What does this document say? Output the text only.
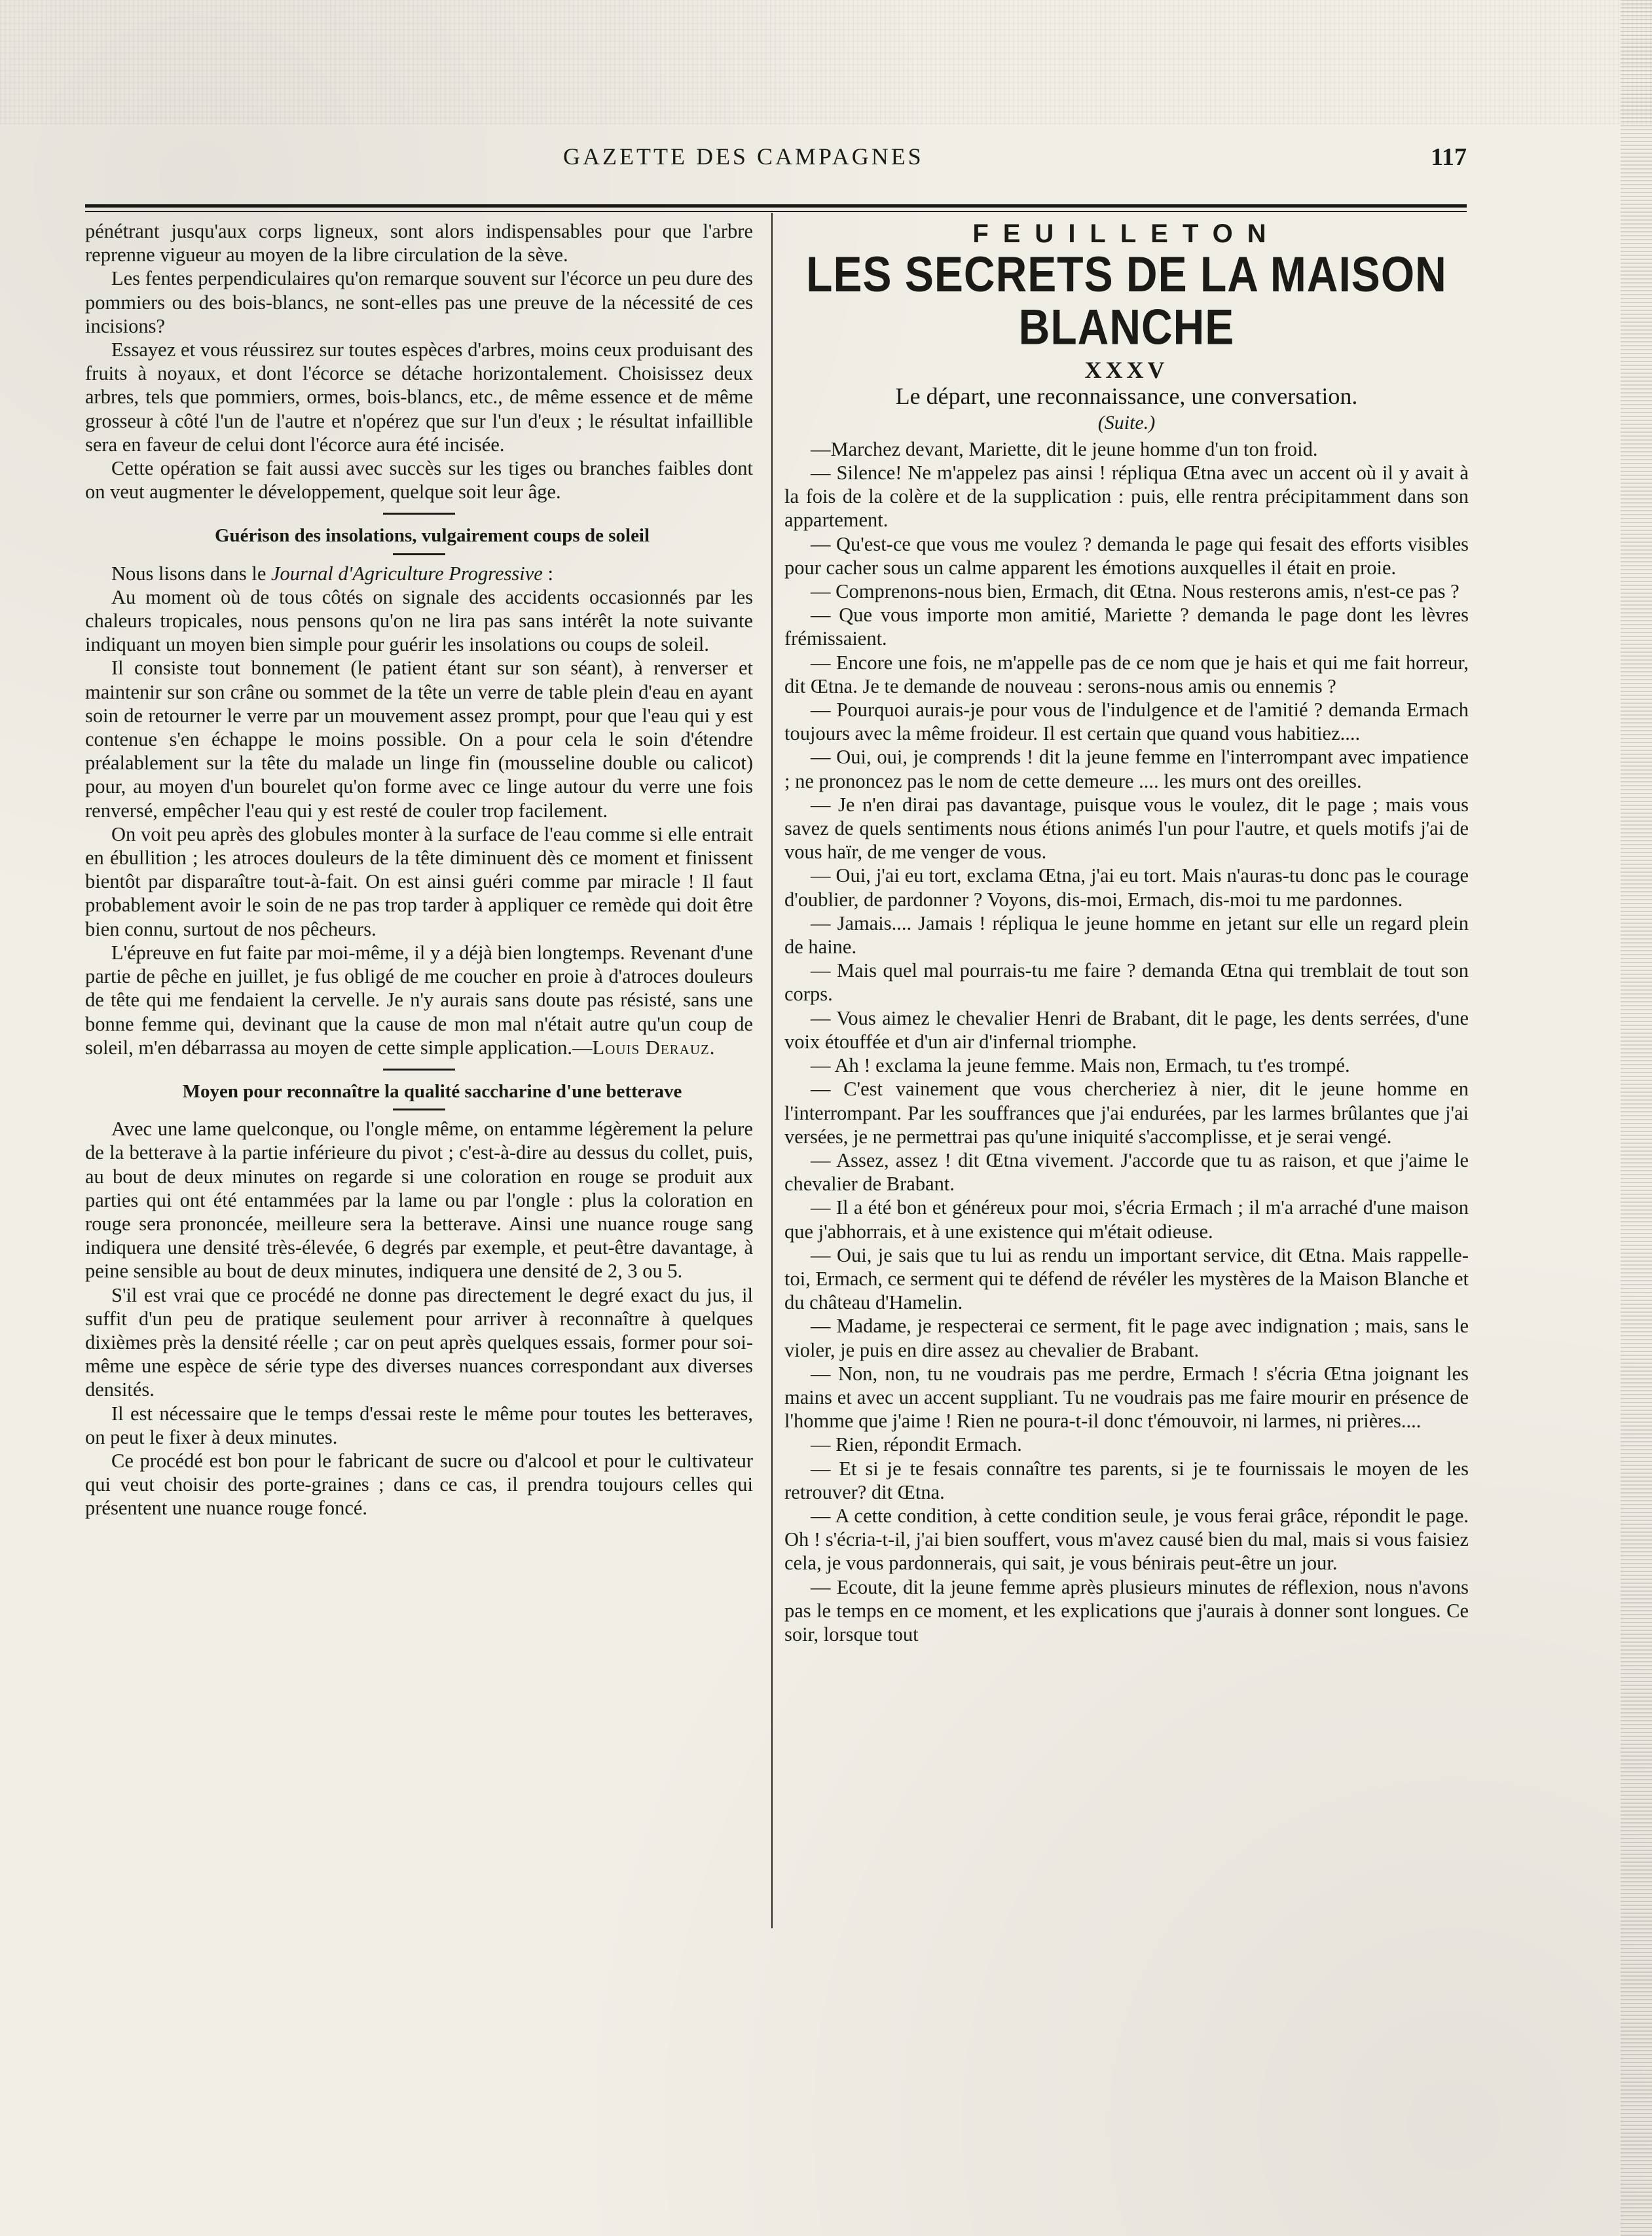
GAZETTE DES CAMPAGNES	117

pénétrant jusqu'aux corps ligneux, sont alors indispensables pour que l'arbre reprenne vigueur au moyen de la libre circulation de la sève.

Les fentes perpendiculaires qu'on remarque souvent sur l'écorce un peu dure des pommiers ou des bois-blancs, ne sont-elles pas une preuve de la nécessité de ces incisions?

Essayez et vous réussirez sur toutes espèces d'arbres, moins ceux produisant des fruits à noyaux, et dont l'écorce se détache horizontalement. Choisissez deux arbres, tels que pommiers, ormes, bois-blancs, etc., de même essence et de même grosseur à côté l'un de l'autre et n'opérez que sur l'un d'eux ; le résultat infaillible sera en faveur de celui dont l'écorce aura été incisée.

Cette opération se fait aussi avec succès sur les tiges ou branches faibles dont on veut augmenter le développement, quelque soit leur âge.

Guérison des insolations, vulgairement coups de soleil

Nous lisons dans le Journal d'Agriculture Progressive :

Au moment où de tous côtés on signale des accidents occasionnés par les chaleurs tropicales, nous pensons qu'on ne lira pas sans intérêt la note suivante indiquant un moyen bien simple pour guérir les insolations ou coups de soleil.

Il consiste tout bonnement (le patient étant sur son séant), à renverser et maintenir sur son crâne ou sommet de la tête un verre de table plein d'eau en ayant soin de retourner le verre par un mouvement assez prompt, pour que l'eau qui y est contenue s'en échappe le moins possible. On a pour cela le soin d'étendre préalablement sur la tête du malade un linge fin (mousseline double ou calicot) pour, au moyen d'un bourelet qu'on forme avec ce linge autour du verre une fois renversé, empêcher l'eau qui y est resté de couler trop facilement.

On voit peu après des globules monter à la surface de l'eau comme si elle entrait en ébullition ; les atroces douleurs de la tête diminuent dès ce moment et finissent bientôt par disparaître tout-à-fait. On est ainsi guéri comme par miracle ! Il faut probablement avoir le soin de ne pas trop tarder à appliquer ce remède qui doit être bien connu, surtout de nos pêcheurs.

L'épreuve en fut faite par moi-même, il y a déjà bien longtemps. Revenant d'une partie de pêche en juillet, je fus obligé de me coucher en proie à d'atroces douleurs de tête qui me fendaient la cervelle. Je n'y aurais sans doute pas résisté, sans une bonne femme qui, devinant que la cause de mon mal n'était autre qu'un coup de soleil, m'en débarrassa au moyen de cette simple application.—Louis Derauz.

Moyen pour reconnaître la qualité saccharine d'une betterave

Avec une lame quelconque, ou l'ongle même, on entamme légèrement la pelure de la betterave à la partie inférieure du pivot ; c'est-à-dire au dessus du collet, puis, au bout de deux minutes on regarde si une coloration en rouge se produit aux parties qui ont été entammées par la lame ou par l'ongle : plus la coloration en rouge sera prononcée, meilleure sera la betterave. Ainsi une nuance rouge sang indiquera une densité très-élevée, 6 degrés par exemple, et peut-être davantage, à peine sensible au bout de deux minutes, indiquera une densité de 2, 3 ou 5.

S'il est vrai que ce procédé ne donne pas directement le degré exact du jus, il suffit d'un peu de pratique seulement pour arriver à reconnaître à quelques dixièmes près la densité réelle ; car on peut après quelques essais, former pour soi-même une espèce de série type des diverses nuances correspondant aux diverses densités.

Il est nécessaire que le temps d'essai reste le même pour toutes les betteraves, on peut le fixer à deux minutes.

Ce procédé est bon pour le fabricant de sucre ou d'alcool et pour le cultivateur qui veut choisir des porte-graines ; dans ce cas, il prendra toujours celles qui présentent une nuance rouge foncé.

FEUILLETON
LES SECRETS DE LA MAISON BLANCHE
XXXV
Le départ, une reconnaissance, une conversation.
(Suite.)

—Marchez devant, Mariette, dit le jeune homme d'un ton froid.

— Silence! Ne m'appelez pas ainsi ! répliqua Œtna avec un accent où il y avait à la fois de la colère et de la supplication : puis, elle rentra précipitamment dans son appartement.

— Qu'est-ce que vous me voulez ? demanda le page qui fesait des efforts visibles pour cacher sous un calme apparent les émotions auxquelles il était en proie.

— Comprenons-nous bien, Ermach, dit Œtna. Nous resterons amis, n'est-ce pas ?

— Que vous importe mon amitié, Mariette ? demanda le page dont les lèvres frémissaient.

— Encore une fois, ne m'appelle pas de ce nom que je hais et qui me fait horreur, dit Œtna. Je te demande de nouveau : serons-nous amis ou ennemis ?

— Pourquoi aurais-je pour vous de l'indulgence et de l'amitié ? demanda Ermach toujours avec la même froideur. Il est certain que quand vous habitiez....

— Oui, oui, je comprends ! dit la jeune femme en l'interrompant avec impatience ; ne prononcez pas le nom de cette demeure .... les murs ont des oreilles.

— Je n'en dirai pas davantage, puisque vous le voulez, dit le page ; mais vous savez de quels sentiments nous étions animés l'un pour l'autre, et quels motifs j'ai de vous haïr, de me venger de vous.

— Oui, j'ai eu tort, exclama Œtna, j'ai eu tort. Mais n'auras-tu donc pas le courage d'oublier, de pardonner ? Voyons, dis-moi, Ermach, dis-moi tu me pardonnes.

— Jamais.... Jamais ! répliqua le jeune homme en jetant sur elle un regard plein de haine.

— Mais quel mal pourrais-tu me faire ? demanda Œtna qui tremblait de tout son corps.

— Vous aimez le chevalier Henri de Brabant, dit le page, les dents serrées, d'une voix étouffée et d'un air d'infernal triomphe.

— Ah ! exclama la jeune femme. Mais non, Ermach, tu t'es trompé.

— C'est vainement que vous chercheriez à nier, dit le jeune homme en l'interrompant. Par les souffrances que j'ai endurées, par les larmes brûlantes que j'ai versées, je ne permettrai pas qu'une iniquité s'accomplisse, et je serai vengé.

— Assez, assez ! dit Œtna vivement. J'accorde que tu as raison, et que j'aime le chevalier de Brabant.

— Il a été bon et généreux pour moi, s'écria Ermach ; il m'a arraché d'une maison que j'abhorrais, et à une existence qui m'était odieuse.

— Oui, je sais que tu lui as rendu un important service, dit Œtna. Mais rappelle-toi, Ermach, ce serment qui te défend de révéler les mystères de la Maison Blanche et du château d'Hamelin.

— Madame, je respecterai ce serment, fit le page avec indignation ; mais, sans le violer, je puis en dire assez au chevalier de Brabant.

— Non, non, tu ne voudrais pas me perdre, Ermach ! s'écria Œtna joignant les mains et avec un accent suppliant. Tu ne voudrais pas me faire mourir en présence de l'homme que j'aime ! Rien ne poura-t-il donc t'émouvoir, ni larmes, ni prières....

— Rien, répondit Ermach.

— Et si je te fesais connaître tes parents, si je te fournissais le moyen de les retrouver? dit Œtna.

— A cette condition, à cette condition seule, je vous ferai grâce, répondit le page. Oh ! s'écria-t-il, j'ai bien souffert, vous m'avez causé bien du mal, mais si vous faisiez cela, je vous pardonnerais, qui sait, je vous bénirais peut-être un jour.

— Ecoute, dit la jeune femme après plusieurs minutes de réflexion, nous n'avons pas le temps en ce moment, et les explications que j'aurais à donner sont longues. Ce soir, lorsque tout
